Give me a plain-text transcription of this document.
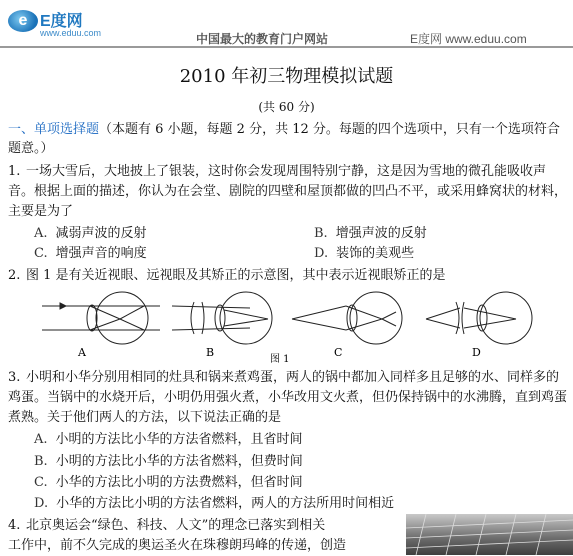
e E度网
www.eduu.com	中国最大的教育门户网站	E度网 www.eduu.com
2010 年初三物理模拟试题
(共 60 分)
一、单项选择题（本题有 6 小题，每题 2 分，共 12 分。每题的四个选项中，只有一个选项符合题意。）
1. 一场大雪后，大地披上了银装，这时你会发现周围特别宁静，这是因为雪地的微孔能吸收声音。根据上面的描述，你认为在会堂、剧院的四壁和屋顶都做的凹凸不平，或采用蜂窝状的材料，主要是为了
A. 减弱声波的反射	B. 增强声波的反射
C. 增强声音的响度	D. 装饰的美观些
2. 图 1 是有关近视眼、远视眼及其矫正的示意图，其中表示近视眼矫正的是
A	B	C	D
图 1
3. 小明和小华分别用相同的灶具和锅来煮鸡蛋，两人的锅中都加入同样多且足够的水、同样多的鸡蛋。当锅中的水烧开后，小明仍用强火煮，小华改用文火煮，但仍保持锅中的水沸腾，直到鸡蛋煮熟。关于他们两人的方法，以下说法正确的是
A. 小明的方法比小华的方法省燃料，且省时间
B. 小明的方法比小华的方法省燃料，但费时间
C. 小华的方法比小明的方法费燃料，但省时间
D. 小华的方法比小明的方法省燃料，两人的方法所用时间相近
4. 北京奥运会“绿色、科技、人文”的理念已落实到相关
工作中，前不久完成的奥运圣火在珠穆朗玛峰的传递，创造
